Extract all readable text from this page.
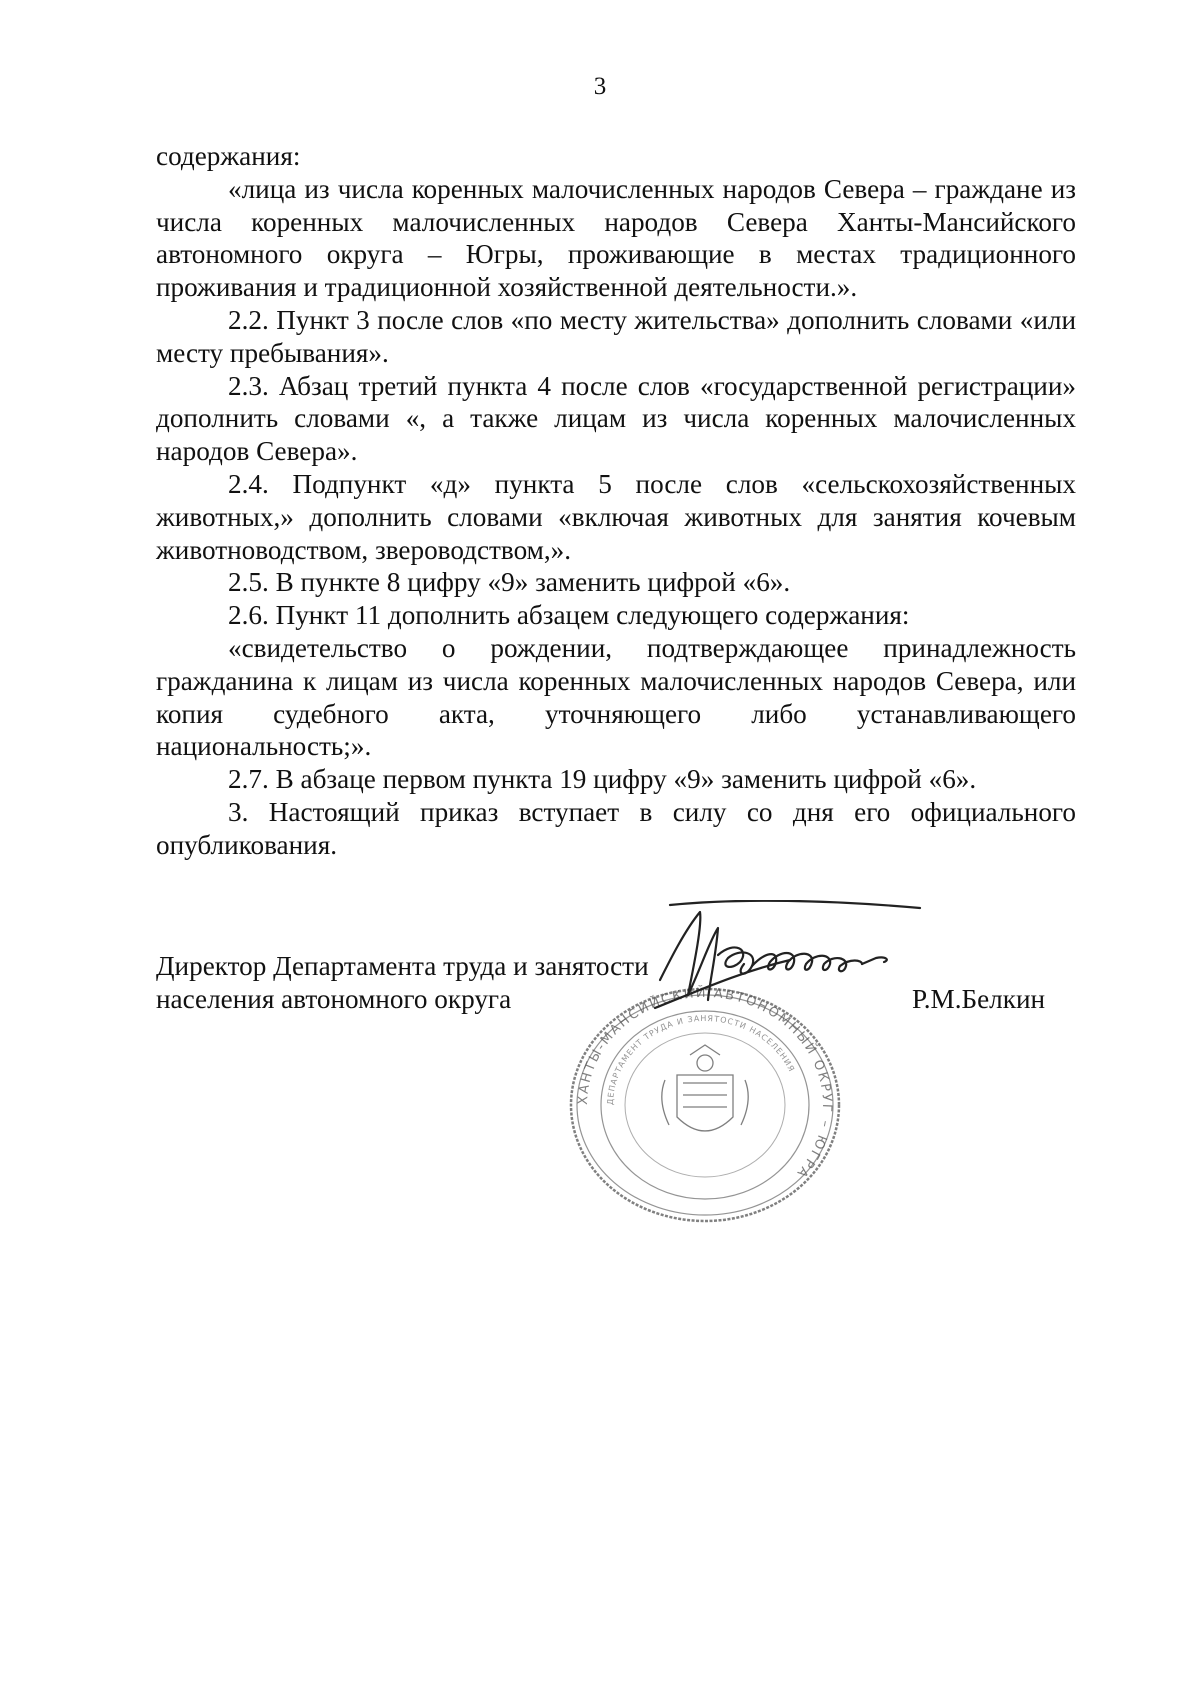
3

содержания:

«лица из числа коренных малочисленных народов Севера – граждане из числа коренных малочисленных народов Севера Ханты-Мансийского автономного округа – Югры, проживающие в местах традиционного проживания и традиционной хозяйственной деятельности.».

2.2. Пункт 3 после слов «по месту жительства» дополнить словами «или месту пребывания».

2.3. Абзац третий пункта 4 после слов «государственной регистрации» дополнить словами «, а также лицам из числа коренных малочисленных народов Севера».

2.4. Подпункт «д» пункта 5 после слов «сельскохозяйственных животных,» дополнить словами «включая животных для занятия кочевым животноводством, звероводством,».

2.5. В пункте 8 цифру «9» заменить цифрой «6».

2.6. Пункт 11 дополнить абзацем следующего содержания:

«свидетельство о рождении, подтверждающее принадлежность гражданина к лицам из числа коренных малочисленных народов Севера, или копия судебного акта, уточняющего либо устанавливающего национальность;».

2.7. В абзаце первом пункта 19 цифру «9» заменить цифрой «6».

3. Настоящий приказ вступает в силу со дня его официального опубликования.

ХАНТЫ-МАНСИЙСКИЙ АВТОНОМНЫЙ ОКРУГ – ЮГРА
ДЕПАРТАМЕНТ ТРУДА И ЗАНЯТОСТИ НАСЕЛЕНИЯ
Директор Департамента труда и занятости
населения автономного округа	Р.М.Белкин
